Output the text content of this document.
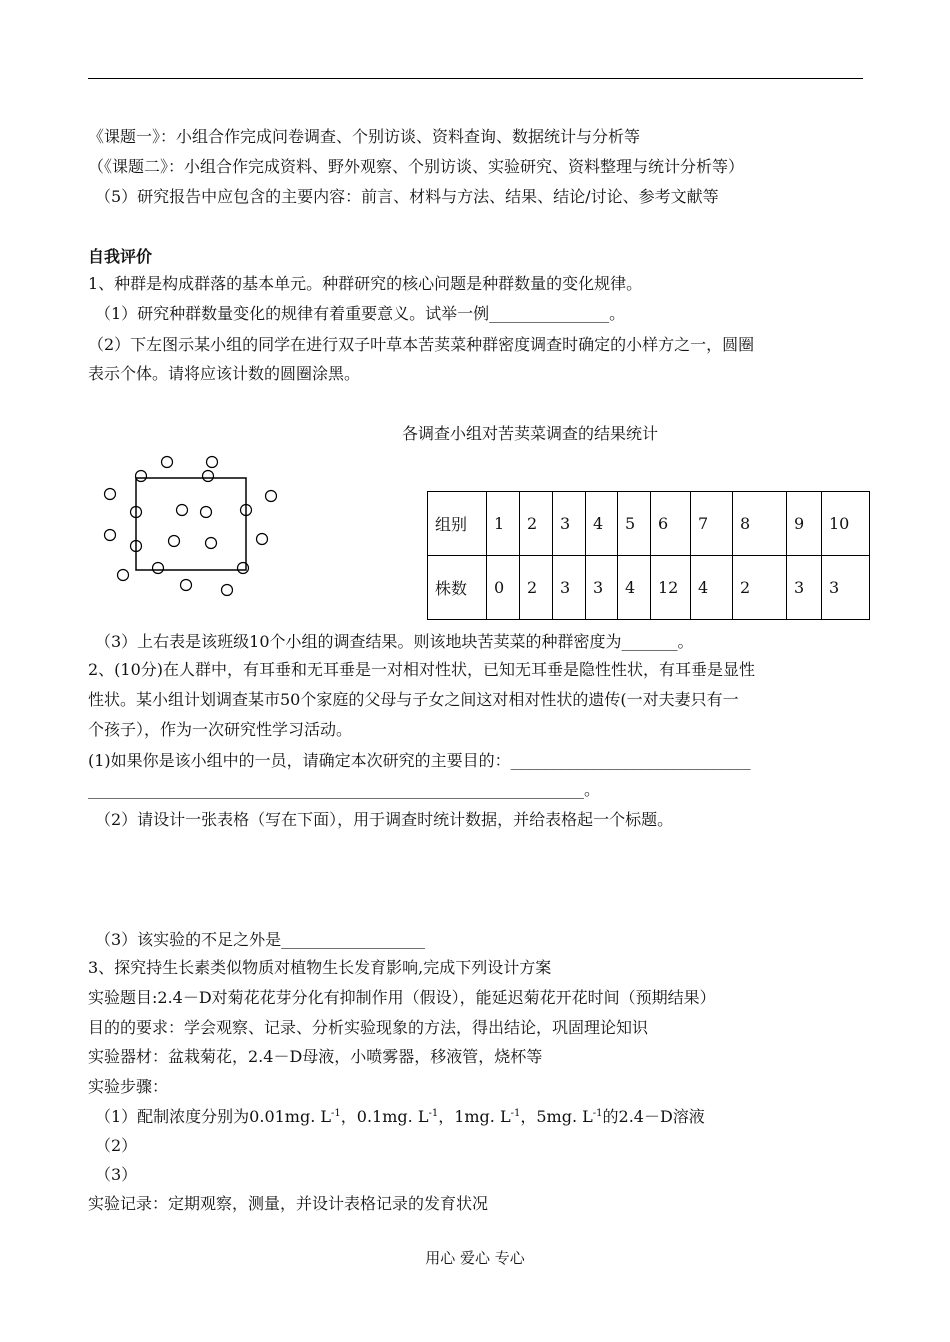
《课题一》：小组合作完成问卷调查、个别访谈、资料查询、数据统计与分析等
（《课题二》：小组合作完成资料、野外观察、个别访谈、实验研究、资料整理与统计分析等）
（5）研究报告中应包含的主要内容：前言、材料与方法、结果、结论/讨论、参考文献等
自我评价
1、种群是构成群落的基本单元。种群研究的核心问题是种群数量的变化规律。
（1）研究种群数量变化的规律有着重要意义。试举一例_______________。
（2）下左图示某小组的同学在进行双子叶草本苦荬菜种群密度调查时确定的小样方之一，圆圈
表示个体。请将应该计数的圆圈涂黑。
各调查小组对苦荬菜调查的结果统计
组别	1	2	3	4	5	6	7	8	9	10
株数	0	2	3	3	4	12	4	2	3	3
（3）上右表是该班级10个小组的调查结果。则该地块苦荬菜的种群密度为_______。
2、(10分)在人群中，有耳垂和无耳垂是一对相对性状，已知无耳垂是隐性性状，有耳垂是显性
性状。某小组计划调查某市50个家庭的父母与子女之间这对相对性状的遗传(一对夫妻只有一
个孩子），作为一次研究性学习活动。
(1)如果你是该小组中的一员，请确定本次研究的主要目的：______________________________
______________________________________________________________。
（2）请设计一张表格（写在下面），用于调查时统计数据，并给表格起一个标题。
（3）该实验的不足之外是__________________
3、探究持生长素类似物质对植物生长发育影响,完成下列设计方案
实验题目:2.4－D对菊花花芽分化有抑制作用（假设），能延迟菊花开花时间（预期结果）
目的的要求：学会观察、记录、分析实验现象的方法，得出结论，巩固理论知识
实验器材：盆栽菊花，2.4－D母液，小喷雾器，移液管，烧杯等
实验步骤：
（1）配制浓度分别为0.01mg. $L^{-1}$，0.1mg. $L^{-1}$，1mg. $L^{-1}$，5mg. $L^{-1}$的2.4－D溶液
（2）
（3）
实验记录：定期观察，测量，并设计表格记录的发育状况
用心 爱心 专心
